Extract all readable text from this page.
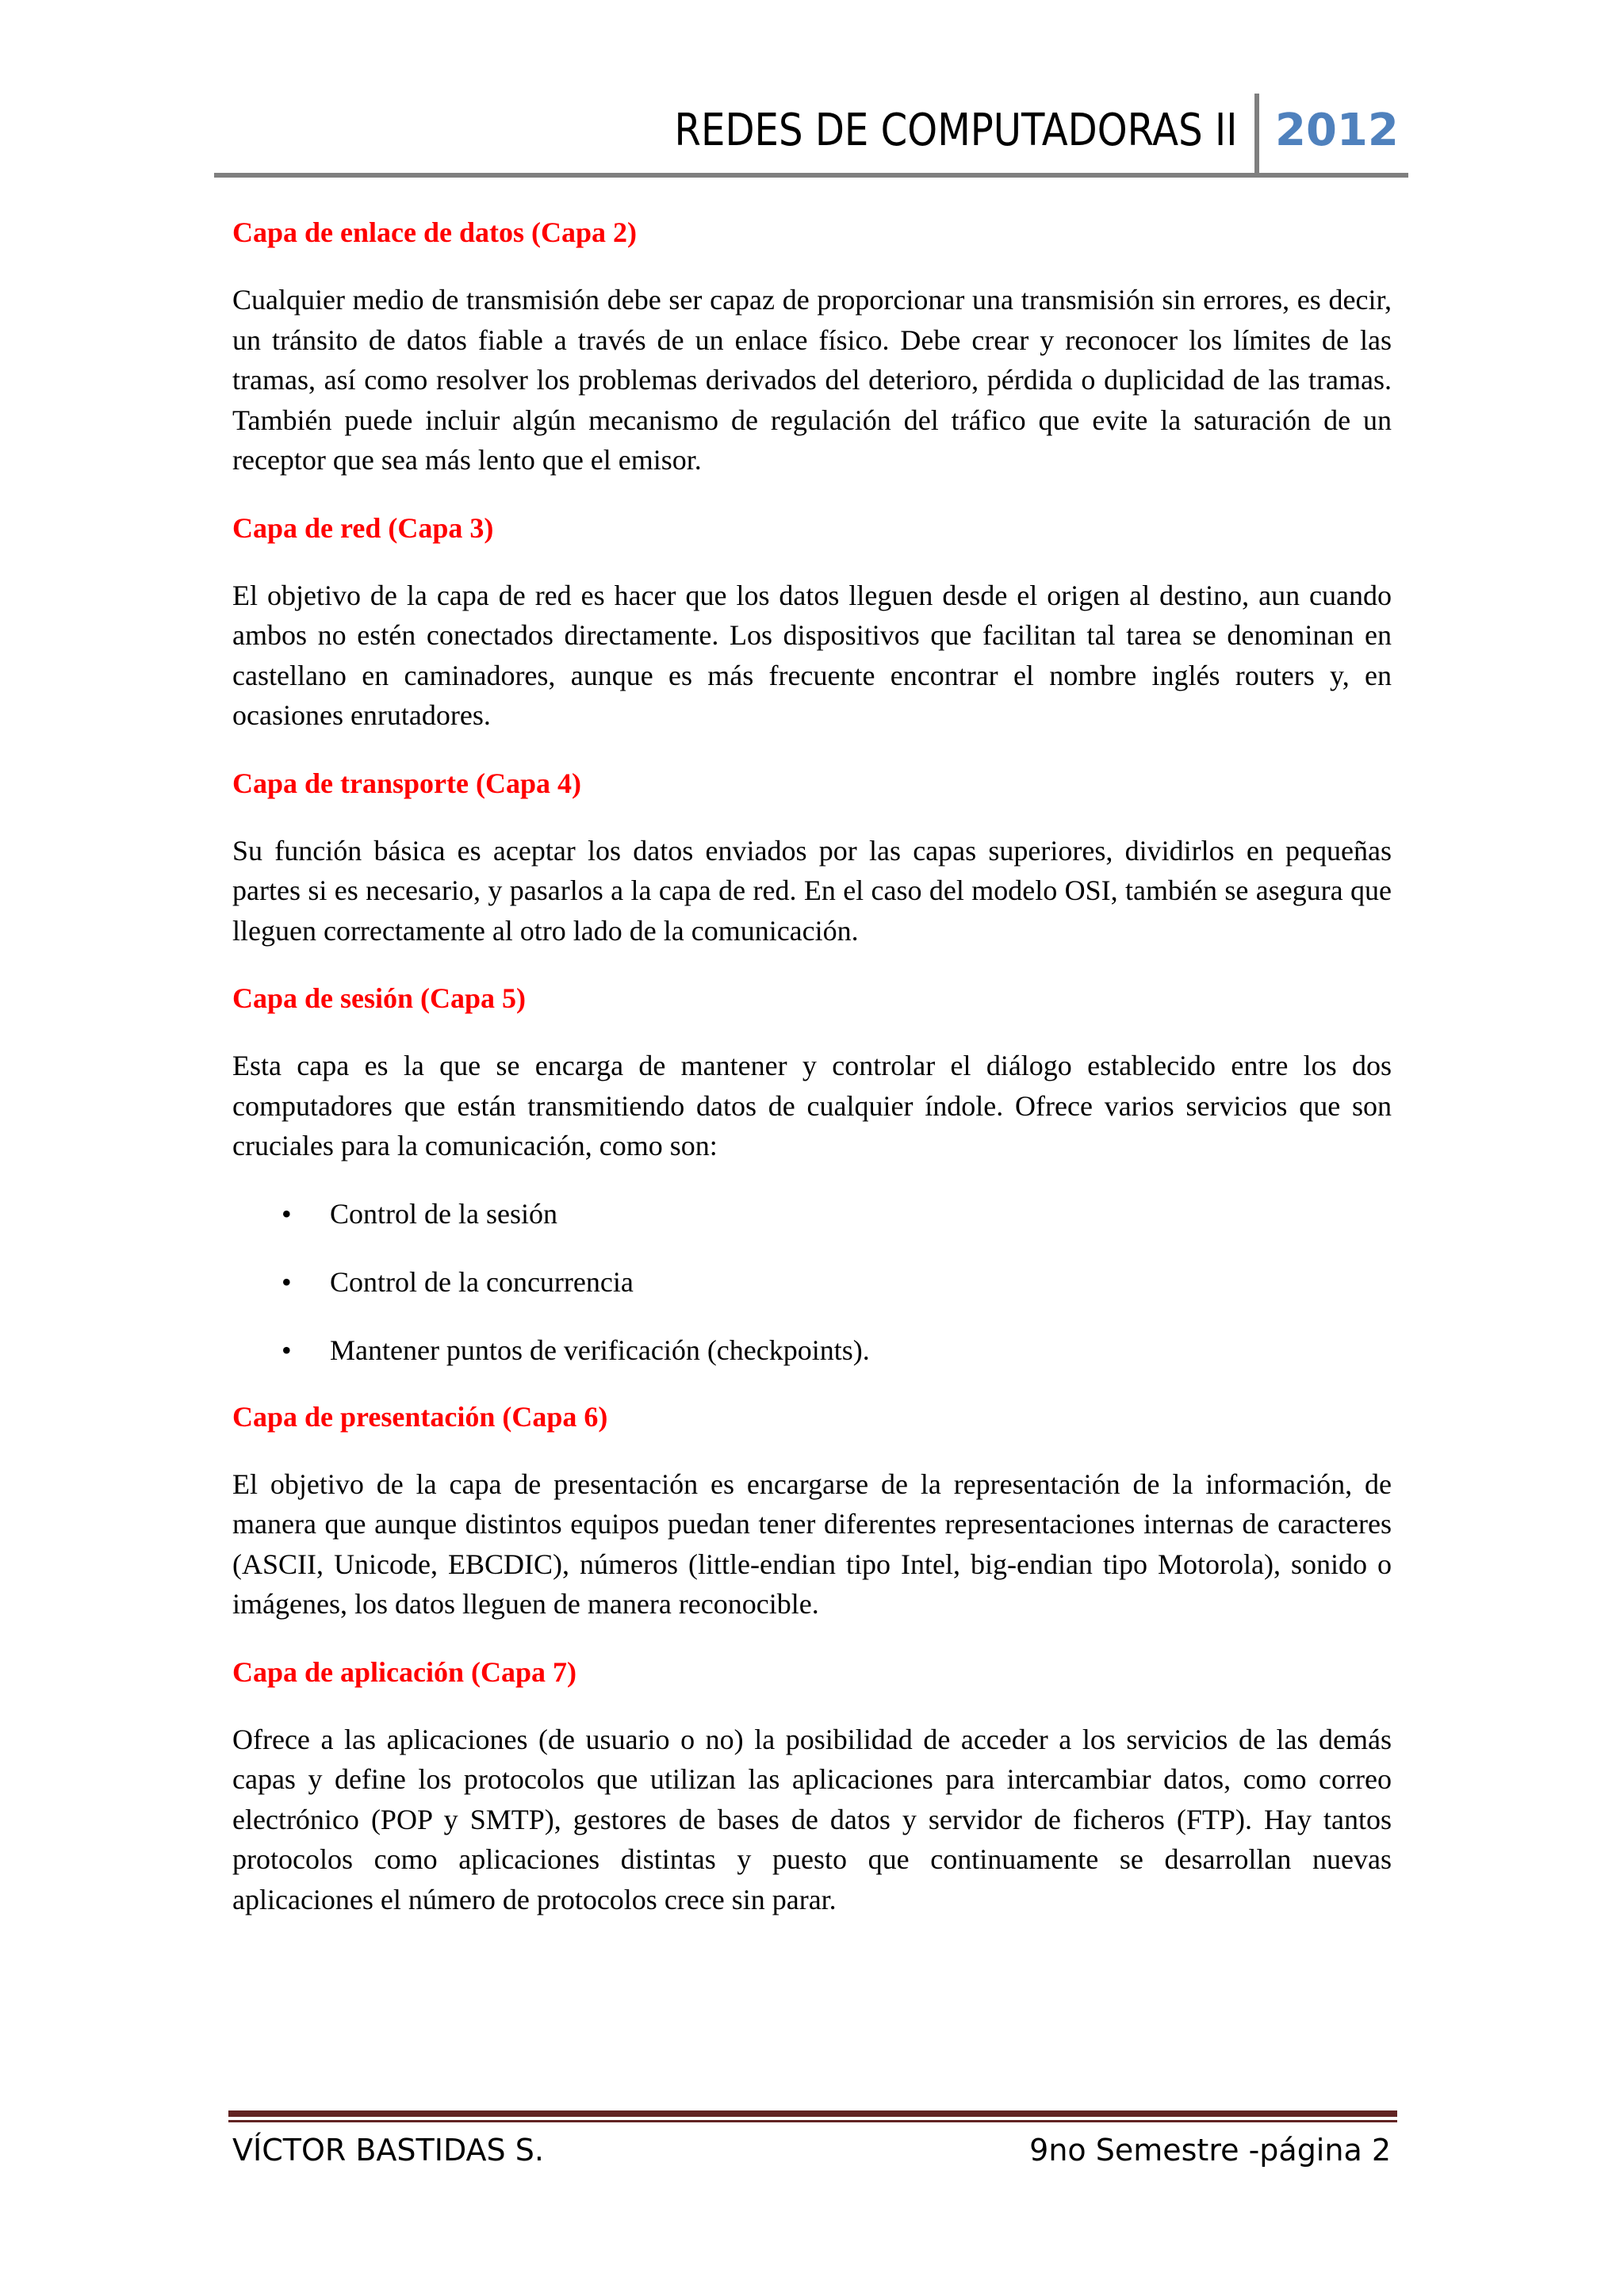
REDES DE COMPUTADORAS II 2012
Capa de enlace de datos (Capa 2)

Cualquier medio de transmisión debe ser capaz de proporcionar una transmisión sin errores, es decir, un tránsito de datos fiable a través de un enlace físico. Debe crear y reconocer los límites de las tramas, así como resolver los problemas derivados del deterioro, pérdida o duplicidad de las tramas. También puede incluir algún mecanismo de regulación del tráfico que evite la saturación de un receptor que sea más lento que el emisor.

Capa de red (Capa 3)

El objetivo de la capa de red es hacer que los datos lleguen desde el origen al destino, aun cuando ambos no estén conectados directamente. Los dispositivos que facilitan tal tarea se denominan en castellano en caminadores, aunque es más frecuente encontrar el nombre inglés routers y, en ocasiones enrutadores.

Capa de transporte (Capa 4)

Su función básica es aceptar los datos enviados por las capas superiores, dividirlos en pequeñas partes si es necesario, y pasarlos a la capa de red. En el caso del modelo OSI, también se asegura que lleguen correctamente al otro lado de la comunicación.

Capa de sesión (Capa 5)

Esta capa es la que se encarga de mantener y controlar el diálogo establecido entre los dos computadores que están transmitiendo datos de cualquier índole. Ofrece varios servicios que son cruciales para la comunicación, como son:

• Control de la sesión
• Control de la concurrencia
• Mantener puntos de verificación (checkpoints).
Capa de presentación (Capa 6)

El objetivo de la capa de presentación es encargarse de la representación de la información, de manera que aunque distintos equipos puedan tener diferentes representaciones internas de caracteres (ASCII, Unicode, EBCDIC), números (little-endian tipo Intel, big-endian tipo Motorola), sonido o imágenes, los datos lleguen de manera reconocible.

Capa de aplicación (Capa 7)

Ofrece a las aplicaciones (de usuario o no) la posibilidad de acceder a los servicios de las demás capas y define los protocolos que utilizan las aplicaciones para intercambiar datos, como correo electrónico (POP y SMTP), gestores de bases de datos y servidor de ficheros (FTP). Hay tantos protocolos como aplicaciones distintas y puesto que continuamente se desarrollan nuevas aplicaciones el número de protocolos crece sin parar.

VÍCTOR BASTIDAS S.	9no Semestre -página 2
